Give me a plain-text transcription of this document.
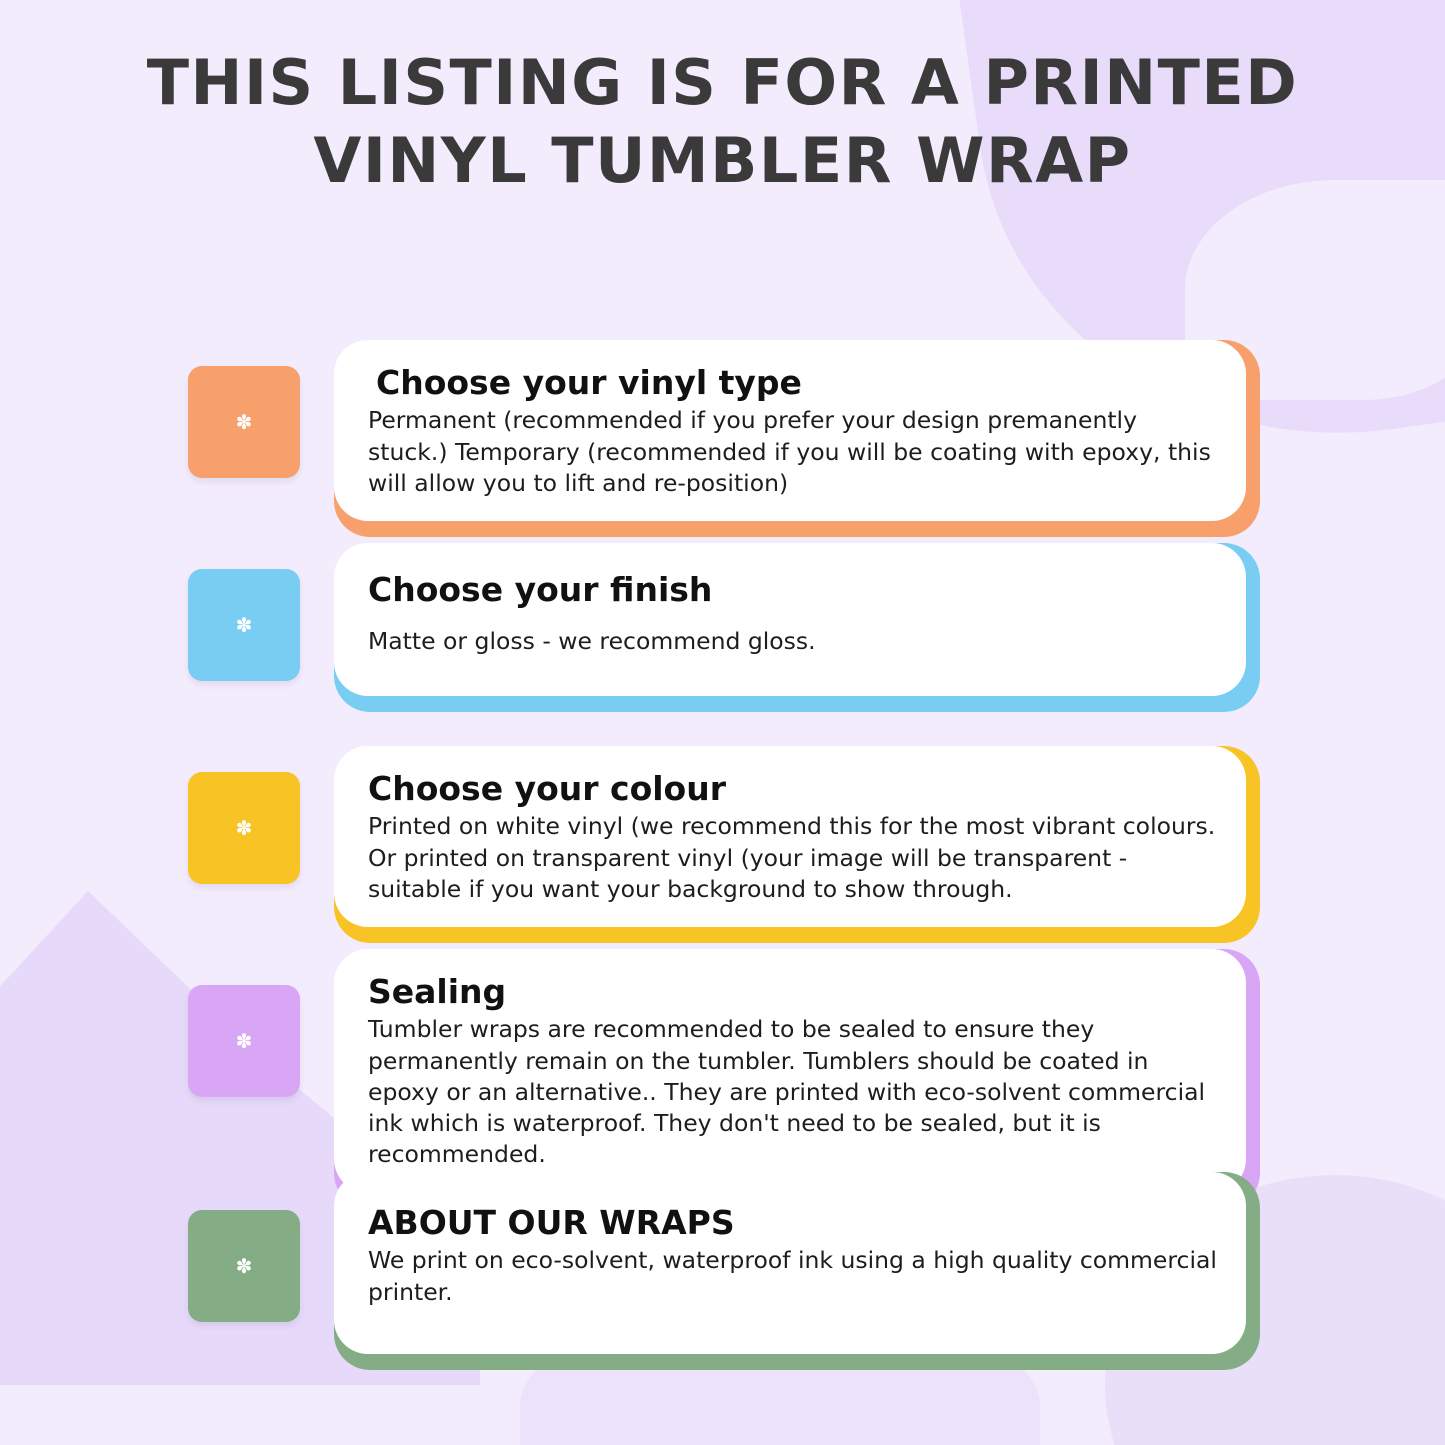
THIS LISTING IS FOR A PRINTED
VINYL TUMBLER WRAP
✽
Choose your vinyl type

Permanent (recommended if you prefer your design premanently stuck.) Temporary (recommended if you will be coating with epoxy, this will allow you to lift and re-position)

✽
Choose your finish

Matte or gloss - we recommend gloss.

✽
Choose your colour

Printed on white vinyl (we recommend this for the most vibrant colours. Or printed on transparent vinyl (your image will be transparent - suitable if you want your background to show through.

✽
Sealing

Tumbler wraps are recommended to be sealed to ensure they permanently remain on the tumbler. Tumblers should be coated in epoxy or an alternative.. They are printed with eco-solvent commercial ink which is waterproof. They don't need to be sealed, but it is recommended.

✽
ABOUT OUR WRAPS

We print on eco-solvent, waterproof ink using a high quality commercial printer.
